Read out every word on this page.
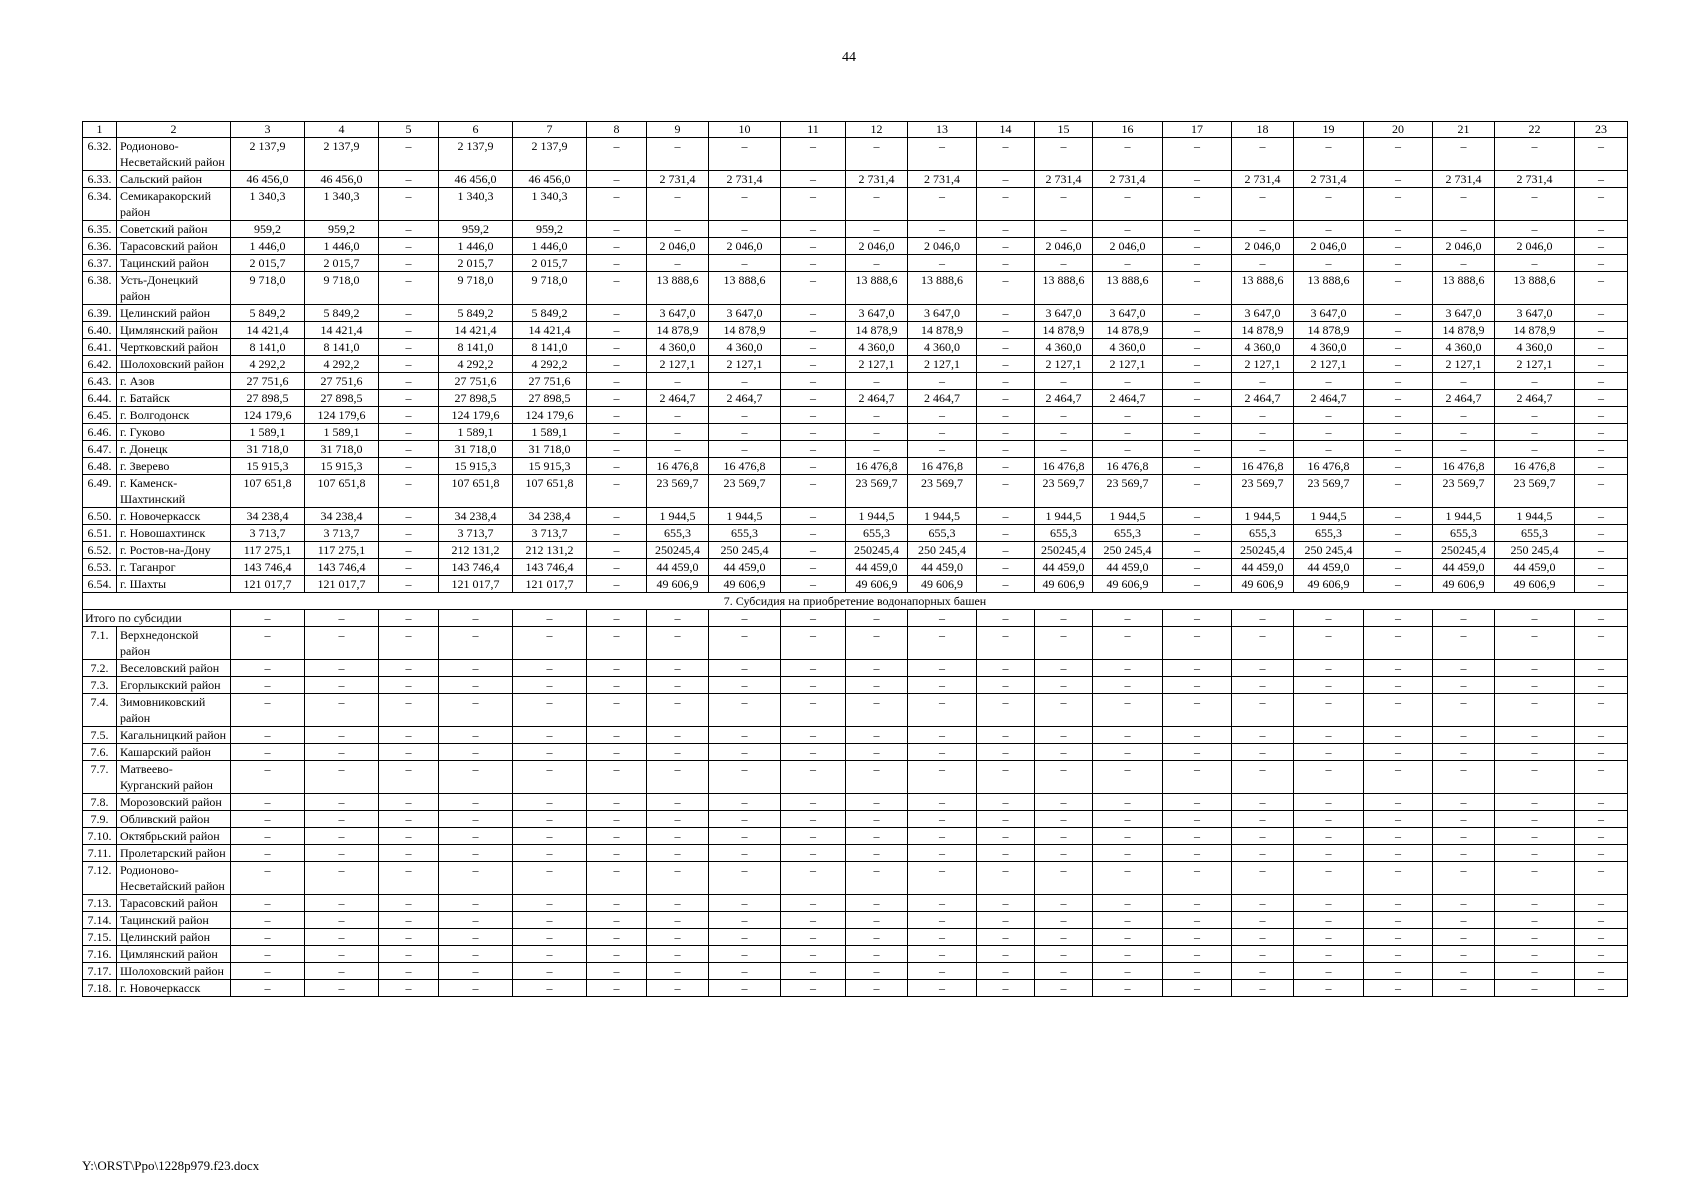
44
1	2	3	4	5	6	7	8	9	10	11	12	13	14	15	16	17	18	19	20	21	22	23
6.32.	Родионово-Несветайский район	2 137,9	2 137,9	–	2 137,9	2 137,9	–	–	–	–	–	–	–	–	–	–	–	–	–	–	–	–
6.33.	Сальский район	46 456,0	46 456,0	–	46 456,0	46 456,0	–	2 731,4	2 731,4	–	2 731,4	2 731,4	–	2 731,4	2 731,4	–	2 731,4	2 731,4	–	2 731,4	2 731,4	–
6.34.	Семикаракорский район	1 340,3	1 340,3	–	1 340,3	1 340,3	–	–	–	–	–	–	–	–	–	–	–	–	–	–	–	–
6.35.	Советский район	959,2	959,2	–	959,2	959,2	–	–	–	–	–	–	–	–	–	–	–	–	–	–	–	–
6.36.	Тарасовский район	1 446,0	1 446,0	–	1 446,0	1 446,0	–	2 046,0	2 046,0	–	2 046,0	2 046,0	–	2 046,0	2 046,0	–	2 046,0	2 046,0	–	2 046,0	2 046,0	–
6.37.	Тацинский район	2 015,7	2 015,7	–	2 015,7	2 015,7	–	–	–	–	–	–	–	–	–	–	–	–	–	–	–	–
6.38.	Усть-Донецкий район	9 718,0	9 718,0	–	9 718,0	9 718,0	–	13 888,6	13 888,6	–	13 888,6	13 888,6	–	13 888,6	13 888,6	–	13 888,6	13 888,6	–	13 888,6	13 888,6	–
6.39.	Целинский район	5 849,2	5 849,2	–	5 849,2	5 849,2	–	3 647,0	3 647,0	–	3 647,0	3 647,0	–	3 647,0	3 647,0	–	3 647,0	3 647,0	–	3 647,0	3 647,0	–
6.40.	Цимлянский район	14 421,4	14 421,4	–	14 421,4	14 421,4	–	14 878,9	14 878,9	–	14 878,9	14 878,9	–	14 878,9	14 878,9	–	14 878,9	14 878,9	–	14 878,9	14 878,9	–
6.41.	Чертковский район	8 141,0	8 141,0	–	8 141,0	8 141,0	–	4 360,0	4 360,0	–	4 360,0	4 360,0	–	4 360,0	4 360,0	–	4 360,0	4 360,0	–	4 360,0	4 360,0	–
6.42.	Шолоховский район	4 292,2	4 292,2	–	4 292,2	4 292,2	–	2 127,1	2 127,1	–	2 127,1	2 127,1	–	2 127,1	2 127,1	–	2 127,1	2 127,1	–	2 127,1	2 127,1	–
6.43.	г. Азов	27 751,6	27 751,6	–	27 751,6	27 751,6	–	–	–	–	–	–	–	–	–	–	–	–	–	–	–	–
6.44.	г. Батайск	27 898,5	27 898,5	–	27 898,5	27 898,5	–	2 464,7	2 464,7	–	2 464,7	2 464,7	–	2 464,7	2 464,7	–	2 464,7	2 464,7	–	2 464,7	2 464,7	–
6.45.	г. Волгодонск	124 179,6	124 179,6	–	124 179,6	124 179,6	–	–	–	–	–	–	–	–	–	–	–	–	–	–	–	–
6.46.	г. Гуково	1 589,1	1 589,1	–	1 589,1	1 589,1	–	–	–	–	–	–	–	–	–	–	–	–	–	–	–	–
6.47.	г. Донецк	31 718,0	31 718,0	–	31 718,0	31 718,0	–	–	–	–	–	–	–	–	–	–	–	–	–	–	–	–
6.48.	г. Зверево	15 915,3	15 915,3	–	15 915,3	15 915,3	–	16 476,8	16 476,8	–	16 476,8	16 476,8	–	16 476,8	16 476,8	–	16 476,8	16 476,8	–	16 476,8	16 476,8	–
6.49.	г. Каменск-Шахтинский	107 651,8	107 651,8	–	107 651,8	107 651,8	–	23 569,7	23 569,7	–	23 569,7	23 569,7	–	23 569,7	23 569,7	–	23 569,7	23 569,7	–	23 569,7	23 569,7	–
6.50.	г. Новочеркасск	34 238,4	34 238,4	–	34 238,4	34 238,4	–	1 944,5	1 944,5	–	1 944,5	1 944,5	–	1 944,5	1 944,5	–	1 944,5	1 944,5	–	1 944,5	1 944,5	–
6.51.	г. Новошахтинск	3 713,7	3 713,7	–	3 713,7	3 713,7	–	655,3	655,3	–	655,3	655,3	–	655,3	655,3	–	655,3	655,3	–	655,3	655,3	–
6.52.	г. Ростов-на-Дону	117 275,1	117 275,1	–	212 131,2	212 131,2	–	250245,4	250 245,4	–	250245,4	250 245,4	–	250245,4	250 245,4	–	250245,4	250 245,4	–	250245,4	250 245,4	–
6.53.	г. Таганрог	143 746,4	143 746,4	–	143 746,4	143 746,4	–	44 459,0	44 459,0	–	44 459,0	44 459,0	–	44 459,0	44 459,0	–	44 459,0	44 459,0	–	44 459,0	44 459,0	–
6.54.	г. Шахты	121 017,7	121 017,7	–	121 017,7	121 017,7	–	49 606,9	49 606,9	–	49 606,9	49 606,9	–	49 606,9	49 606,9	–	49 606,9	49 606,9	–	49 606,9	49 606,9	–
7. Субсидия на приобретение водонапорных башен																						
Итого по субсидии		–	–	–	–	–	–	–	–	–	–	–	–	–	–	–	–	–	–	–	–	–
7.1.	Верхнедонской район	–	–	–	–	–	–	–	–	–	–	–	–	–	–	–	–	–	–	–	–	–
7.2.	Веселовский район	–	–	–	–	–	–	–	–	–	–	–	–	–	–	–	–	–	–	–	–	–
7.3.	Егорлыкский район	–	–	–	–	–	–	–	–	–	–	–	–	–	–	–	–	–	–	–	–	–
7.4.	Зимовниковский район	–	–	–	–	–	–	–	–	–	–	–	–	–	–	–	–	–	–	–	–	–
7.5.	Кагальницкий район	–	–	–	–	–	–	–	–	–	–	–	–	–	–	–	–	–	–	–	–	–
7.6.	Кашарский район	–	–	–	–	–	–	–	–	–	–	–	–	–	–	–	–	–	–	–	–	–
7.7.	Матвеево-Курганский район	–	–	–	–	–	–	–	–	–	–	–	–	–	–	–	–	–	–	–	–	–
7.8.	Морозовский район	–	–	–	–	–	–	–	–	–	–	–	–	–	–	–	–	–	–	–	–	–
7.9.	Обливский район	–	–	–	–	–	–	–	–	–	–	–	–	–	–	–	–	–	–	–	–	–
7.10.	Октябрьский район	–	–	–	–	–	–	–	–	–	–	–	–	–	–	–	–	–	–	–	–	–
7.11.	Пролетарский район	–	–	–	–	–	–	–	–	–	–	–	–	–	–	–	–	–	–	–	–	–
7.12.	Родионово-Несветайский район	–	–	–	–	–	–	–	–	–	–	–	–	–	–	–	–	–	–	–	–	–
7.13.	Тарасовский район	–	–	–	–	–	–	–	–	–	–	–	–	–	–	–	–	–	–	–	–	–
7.14.	Тацинский район	–	–	–	–	–	–	–	–	–	–	–	–	–	–	–	–	–	–	–	–	–
7.15.	Целинский район	–	–	–	–	–	–	–	–	–	–	–	–	–	–	–	–	–	–	–	–	–
7.16.	Цимлянский район	–	–	–	–	–	–	–	–	–	–	–	–	–	–	–	–	–	–	–	–	–
7.17.	Шолоховский район	–	–	–	–	–	–	–	–	–	–	–	–	–	–	–	–	–	–	–	–	–
7.18.	г. Новочеркасск	–	–	–	–	–	–	–	–	–	–	–	–	–	–	–	–	–	–	–	–	–
Y:\ORST\Ppo\1228p979.f23.docx
